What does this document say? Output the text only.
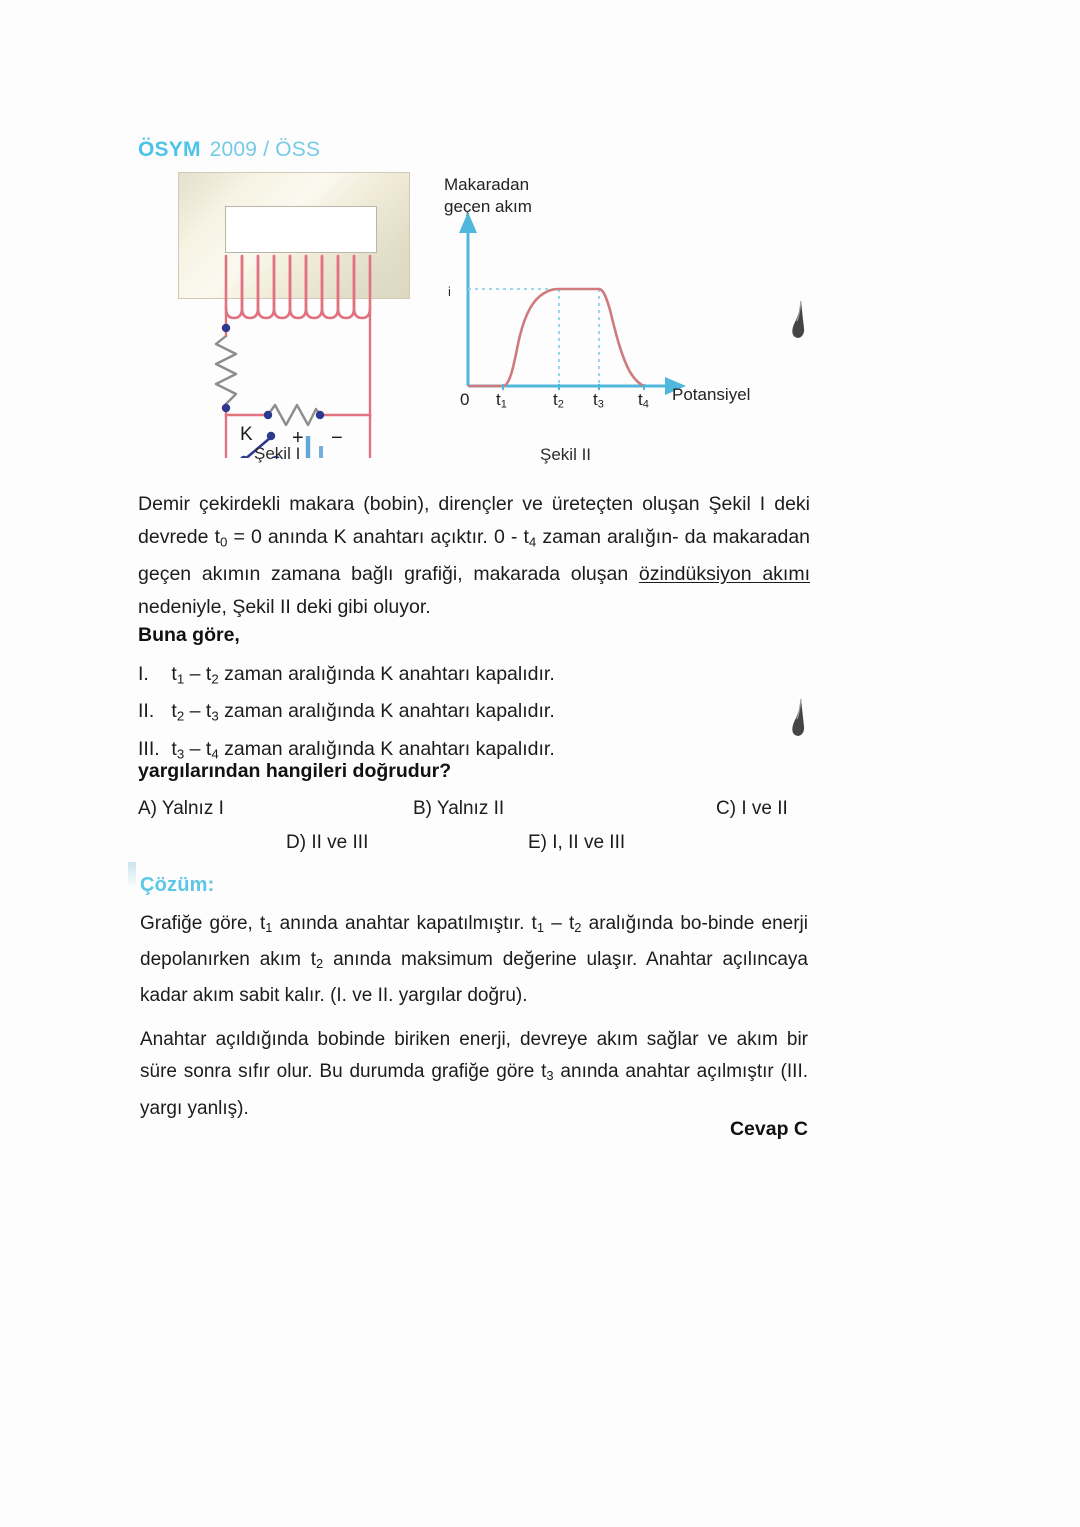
ÖSYM 2009 / ÖSS
K + −
Şekil I
Makaradan
geçen akım
i
Potansiyel
0 $t_1$	$t_2$ $t_3$ $t_4$
Şekil II

Demir çekirdekli makara (bobin), dirençler ve üreteçten oluşan Şekil I deki devrede $t_0 = 0$ anında K anahtarı açıktır. $0 - t_4$ zaman aralığın‑ da makaradan geçen akımın zamana bağlı grafiği, makarada oluşan özindüksiyon akımı nedeniyle, Şekil II deki gibi oluyor.

Buna göre,
I. $t_1 - t_2$ zaman aralığında K anahtarı kapalıdır.
II. $t_2 - t_3$ zaman aralığında K anahtarı kapalıdır.
III. $t_3 - t_4$ zaman aralığında K anahtarı kapalıdır.
yargılarından hangileri doğrudur?
A) Yalnız I	B) Yalnız II	C) I ve II
D) II ve III	E) I, II ve III
Çözüm:

Grafiğe göre, $t_1$ anında anahtar kapatılmıştır. $t_1 - t_2$ aralığında bo‑binde enerji depolanırken akım $t_2$ anında maksimum değerine ulaşır. Anahtar açılıncaya kadar akım sabit kalır. (I. ve II. yargılar doğru).

Anahtar açıldığında bobinde biriken enerji, devreye akım sağlar ve akım bir süre sonra sıfır olur. Bu durumda grafiğe göre $t_3$ anında anahtar açılmıştır (III. yargı yanlış).

Cevap C
